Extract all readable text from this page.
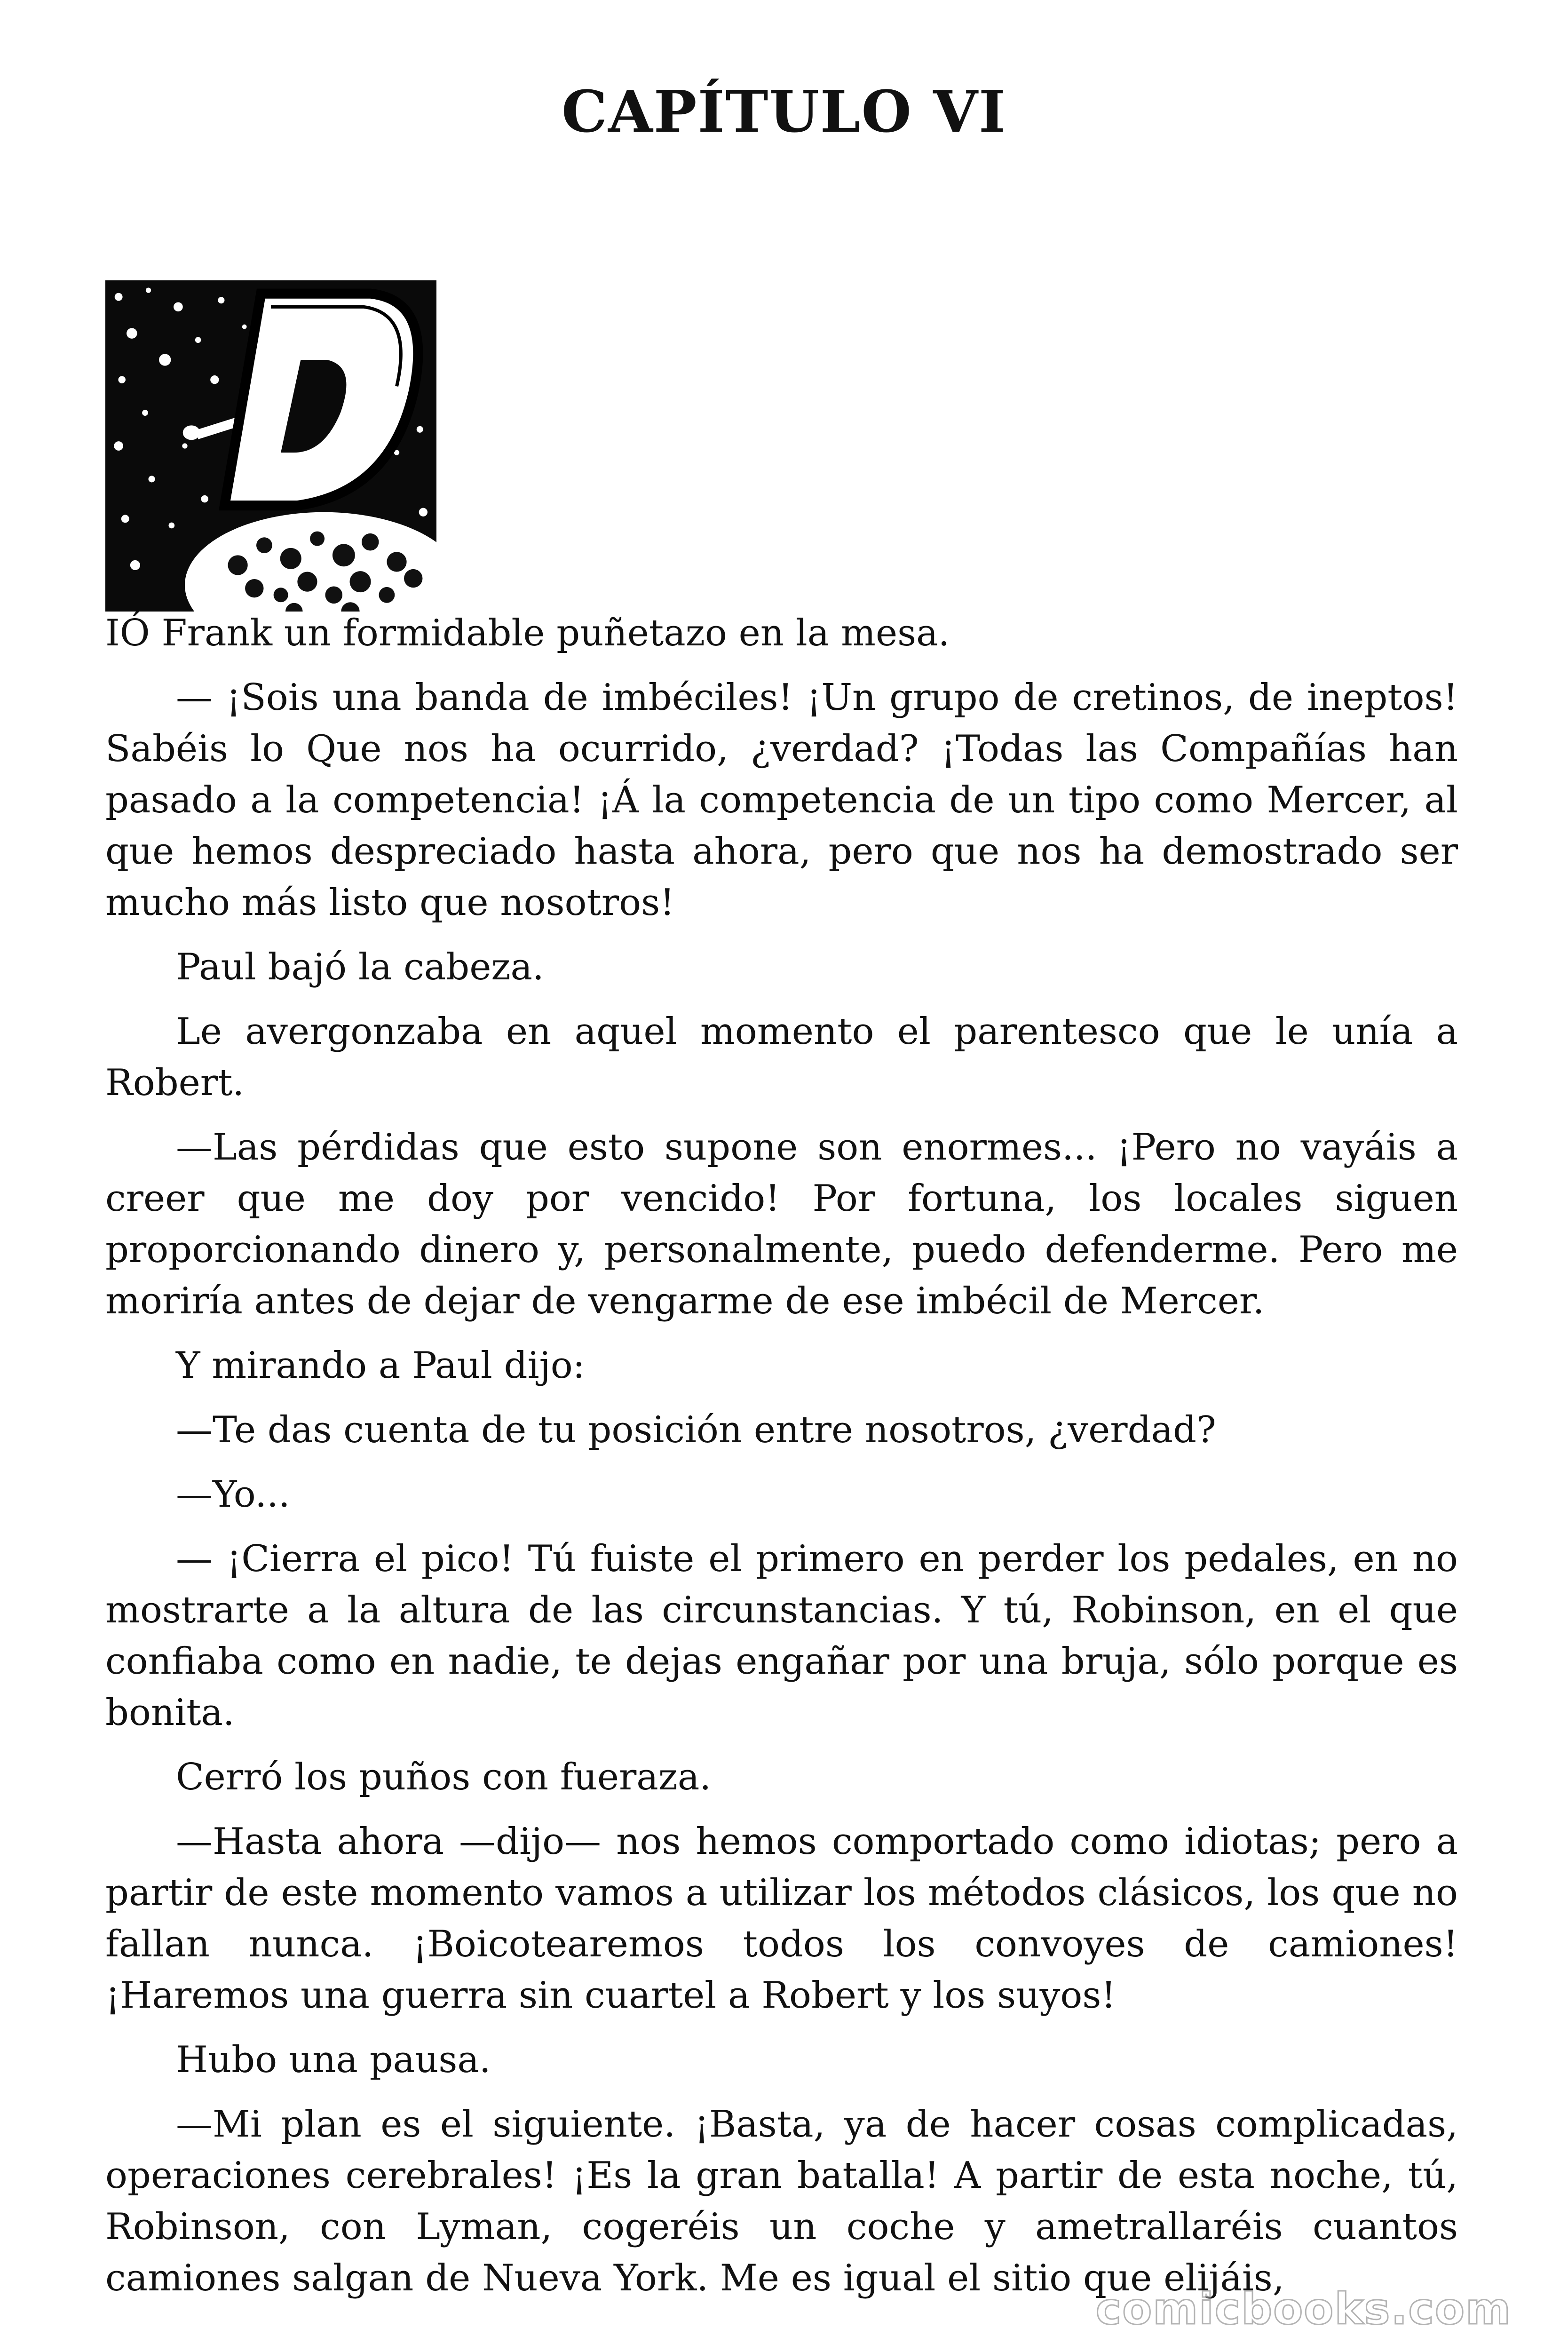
CAPÍTULO VI

IÓ Frank un formidable puñetazo en la mesa.

— ¡Sois una banda de imbéciles! ¡Un grupo de cretinos, de ineptos! Sabéis lo Que nos ha ocurrido, ¿verdad? ¡Todas las Compañías han pasado a la competencia! ¡Á la competencia de un tipo como Mercer, al que hemos despreciado hasta ahora, pero que nos ha demostrado ser mucho más listo que nosotros!

Paul bajó la cabeza.

Le avergonzaba en aquel momento el parentesco que le unía a Robert.

—Las pérdidas que esto supone son enormes... ¡Pero no vayáis a creer que me doy por vencido! Por fortuna, los locales siguen proporcionando dinero y, personalmente, puedo defenderme. Pero me moriría antes de dejar de vengarme de ese imbécil de Mercer.

Y mirando a Paul dijo:

—Te das cuenta de tu posición entre nosotros, ¿verdad?

—Yo...

— ¡Cierra el pico! Tú fuiste el primero en perder los pedales, en no mostrarte a la altura de las circunstancias. Y tú, Robinson, en el que confiaba como en nadie, te dejas engañar por una bruja, sólo porque es bonita.

Cerró los puños con fueraza.

—Hasta ahora —dijo— nos hemos comportado como idiotas; pero a partir de este momento vamos a utilizar los métodos clásicos, los que no fallan nunca. ¡Boicotearemos todos los convoyes de camiones! ¡Haremos una guerra sin cuartel a Robert y los suyos!

Hubo una pausa.

—Mi plan es el siguiente. ¡Basta, ya de hacer cosas complicadas, operaciones cerebrales! ¡Es la gran batalla! A partir de esta noche, tú, Robinson, con Lyman, cogeréis un coche y ametrallaréis cuantos camiones salgan de Nueva York. Me es igual el sitio que elijáis,

comicbooks.com
